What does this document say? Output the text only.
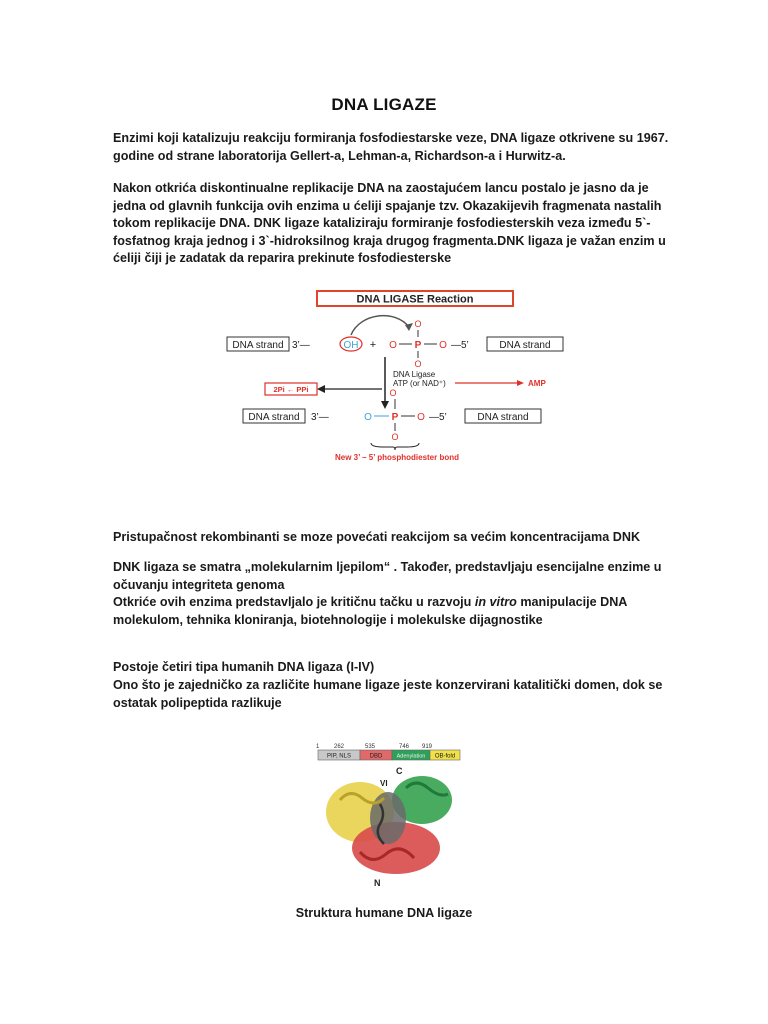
DNA LIGAZE

Enzimi koji katalizuju reakciju formiranja fosfodiestarske veze, DNA ligaze otkrivene su 1967. godine od strane laboratorija Gellert-a, Lehman-a, Richardson-a i Hurwitz-a.

Nakon otkrića diskontinualne replikacije DNA na zaostajućem lancu postalo je jasno da je jedna od glavnih funkcija ovih enzima u ćeliji spajanje tzv. Okazakijevih fragmenata nastalih tokom replikacije DNA. DNK ligaze kataliziraju formiranje fosfodiesterskih veza između 5`-fosfatnog kraja jednog i 3`-hidroksilnog kraja drugog fragmenta.DNK ligaza je važan enzim u ćeliji čiji je zadatak da reparira prekinute fosfodiesterske

DNA LIGASE Reaction
DNA strand 3’—	OH + O P O —5’	DNA strand
O
O
DNA Ligase
ATP (or NAD⁺)
2Pi ← PPi
AMP
O
DNA strand 3’—	O P O —5’	DNA strand
O
New 3’ – 5’ phosphodiester bond

Pristupačnost rekombinanti se moze povećati reakcijom sa većim koncentracijama DNK

DNK ligaza se smatra „molekularnim ljepilom“ . Također, predstavljaju esencijalne enzime u očuvanju integriteta genoma

Otkriće ovih enzima predstavljalo je kritičnu tačku u razvoju in vitro manipulacije DNA molekulom, tehnika kloniranja, biotehnologije i molekulske dijagnostike

Postoje četiri tipa humanih DNA ligaza (I-IV)

Ono što je zajedničko za različite humane ligaze jeste konzervirani katalitički domen, dok se ostatak polipeptida razlikuje

1 262	535	746 919
PIP, NLS	DBD	Adenylation OB-fold
C
VI
N
Struktura humane DNA ligaze
